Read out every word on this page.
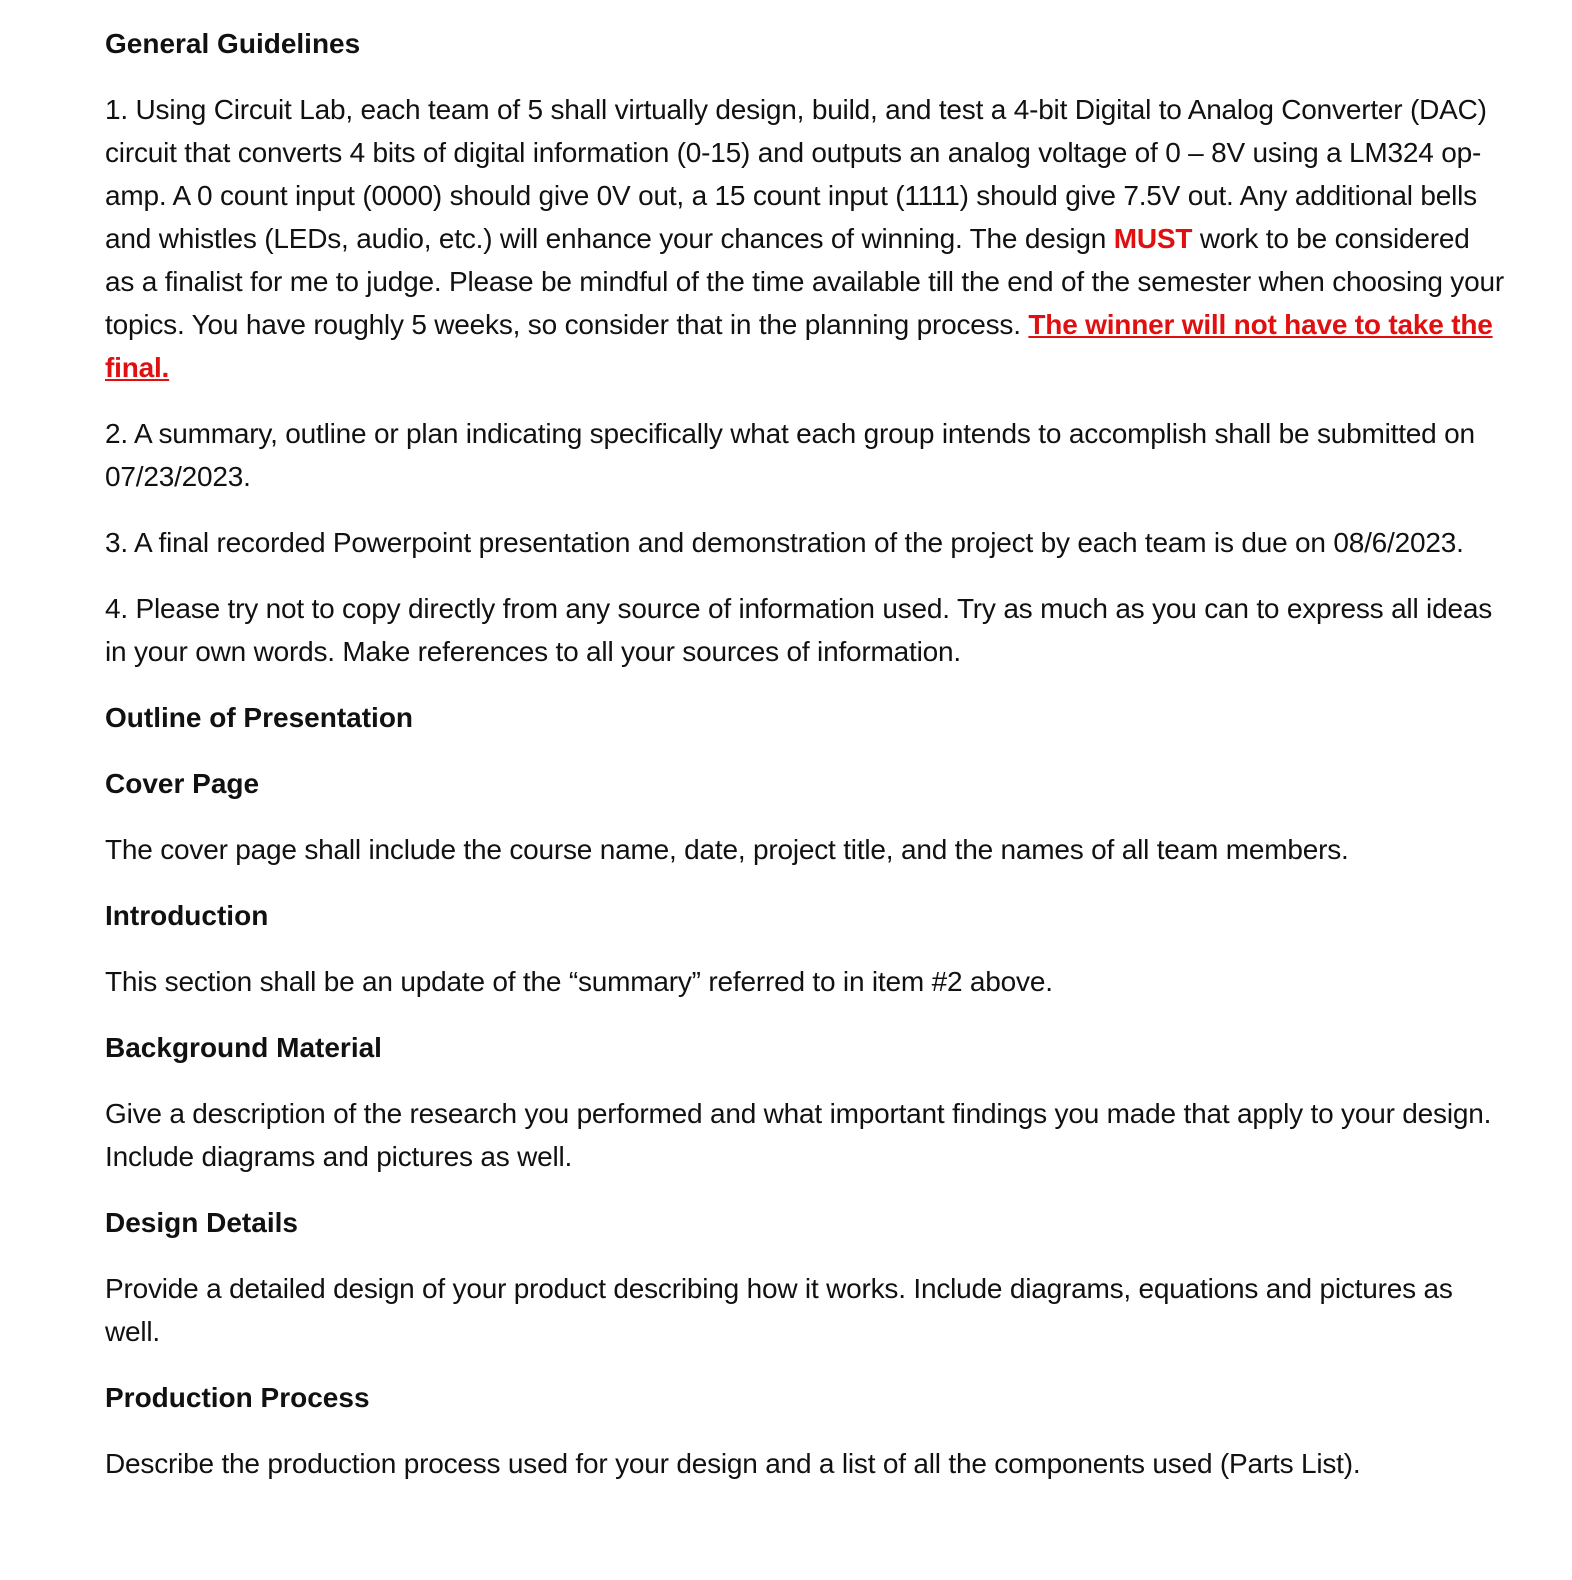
General Guidelines
1. Using Circuit Lab, each team of 5 shall virtually design, build, and test a 4-bit Digital to Analog Converter (DAC) circuit that converts 4 bits of digital information (0-15) and outputs an analog voltage of 0 – 8V using a LM324 op-amp. A 0 count input (0000) should give 0V out, a 15 count input (1111) should give 7.5V out. Any additional bells and whistles (LEDs, audio, etc.) will enhance your chances of winning. The design MUST work to be considered as a finalist for me to judge. Please be mindful of the time available till the end of the semester when choosing your topics. You have roughly 5 weeks, so consider that in the planning process. The winner will not have to take the final.
2. A summary, outline or plan indicating specifically what each group intends to accomplish shall be submitted on 07/23/2023.
3. A final recorded Powerpoint presentation and demonstration of the project by each team is due on 08/6/2023.
4. Please try not to copy directly from any source of information used. Try as much as you can to express all ideas in your own words. Make references to all your sources of information.
Outline of Presentation
Cover Page
The cover page shall include the course name, date, project title, and the names of all team members.
Introduction
This section shall be an update of the “summary” referred to in item #2 above.
Background Material
Give a description of the research you performed and what important findings you made that apply to your design. Include diagrams and pictures as well.
Design Details
Provide a detailed design of your product describing how it works. Include diagrams, equations and pictures as well.
Production Process
Describe the production process used for your design and a list of all the components used (Parts List).
